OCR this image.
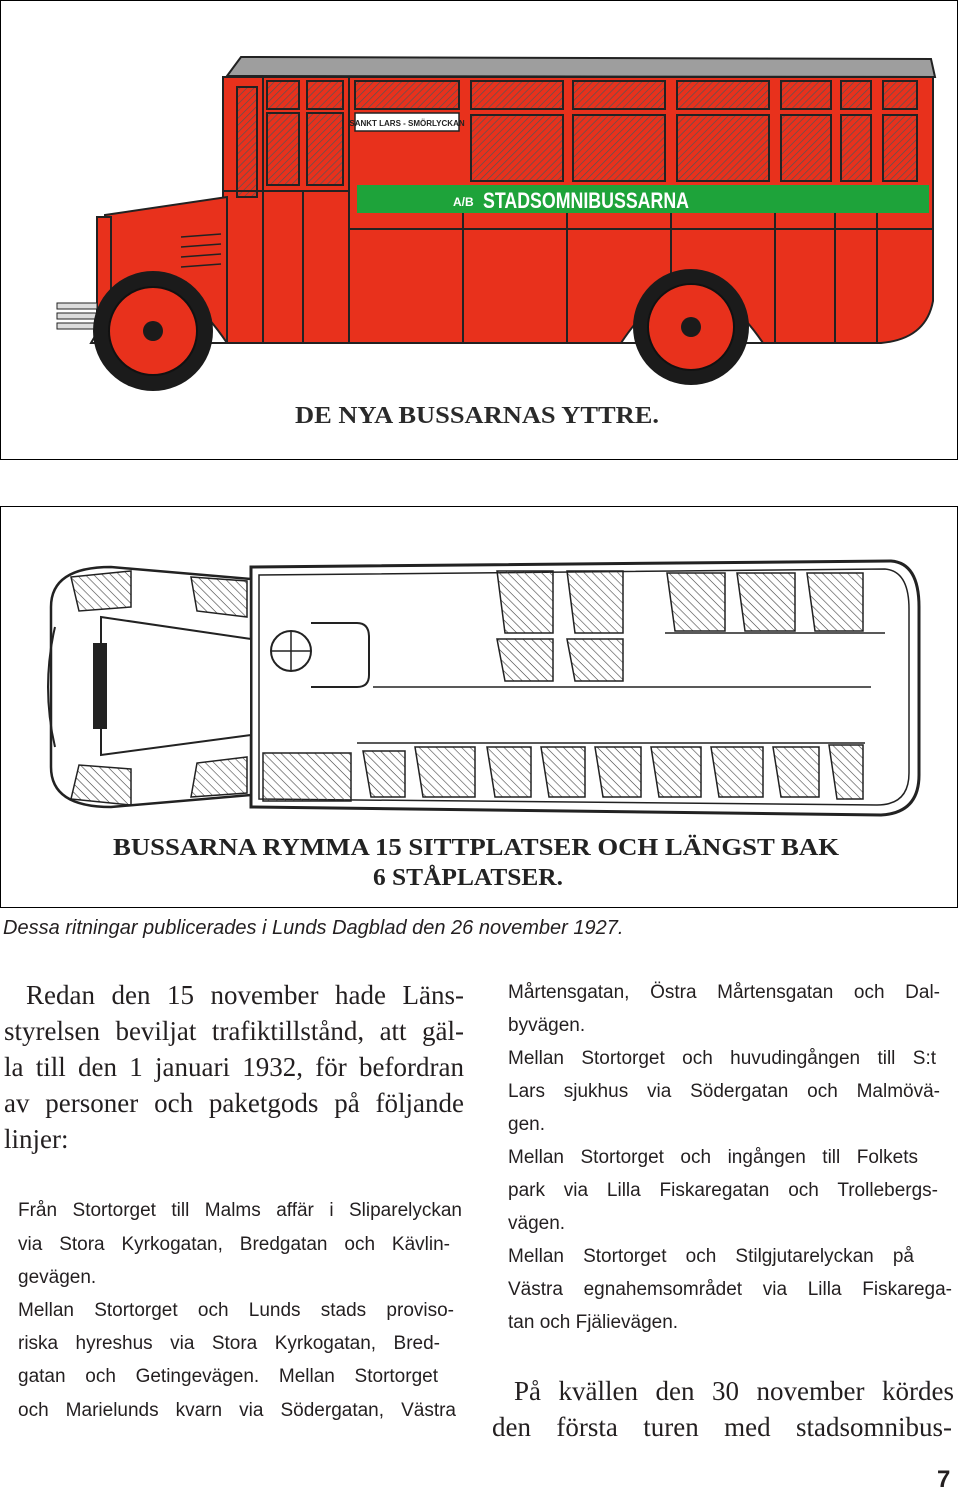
SANKT LARS - SMÖRLYCKAN
A/B STADSOMNIBUSSARNA
DE NYA BUSSARNAS YTTRE.
BUSSARNA RYMMA 15 SITTPLATSER OCH LÄNGST BAK
6 STÅPLATSER.
Dessa ritningar publicerades i Lunds Dagblad den 26 november 1927.
Redan den 15 november hade Läns-
styrelsen beviljat trafiktillstånd, att gäl-
la till den 1 januari 1932, för befordran
av personer och paketgods på följande
linjer:
Från Stortorget till Malms affär i Sliparelyckan
via Stora Kyrkogatan, Bredgatan och Kävlin-
gevägen.
Mellan Stortorget och Lunds stads proviso-
riska hyreshus via Stora Kyrkogatan, Bred-
gatan och Getingevägen. Mellan Stortorget
och Marielunds kvarn via Södergatan, Västra
Mårtensgatan, Östra Mårtensgatan och Dal-
byvägen.
Mellan Stortorget och huvudingången till S:t
Lars sjukhus via Södergatan och Malmövä-
gen.
Mellan Stortorget och ingången till Folkets
park via Lilla Fiskaregatan och Trollebergs-
vägen.
Mellan Stortorget och Stilgjutarelyckan på
Västra egnahemsområdet via Lilla Fiskarega-
tan och Fjälievägen.
På kvällen den 30 november kördes
den första turen med stadsomnibus-
7
